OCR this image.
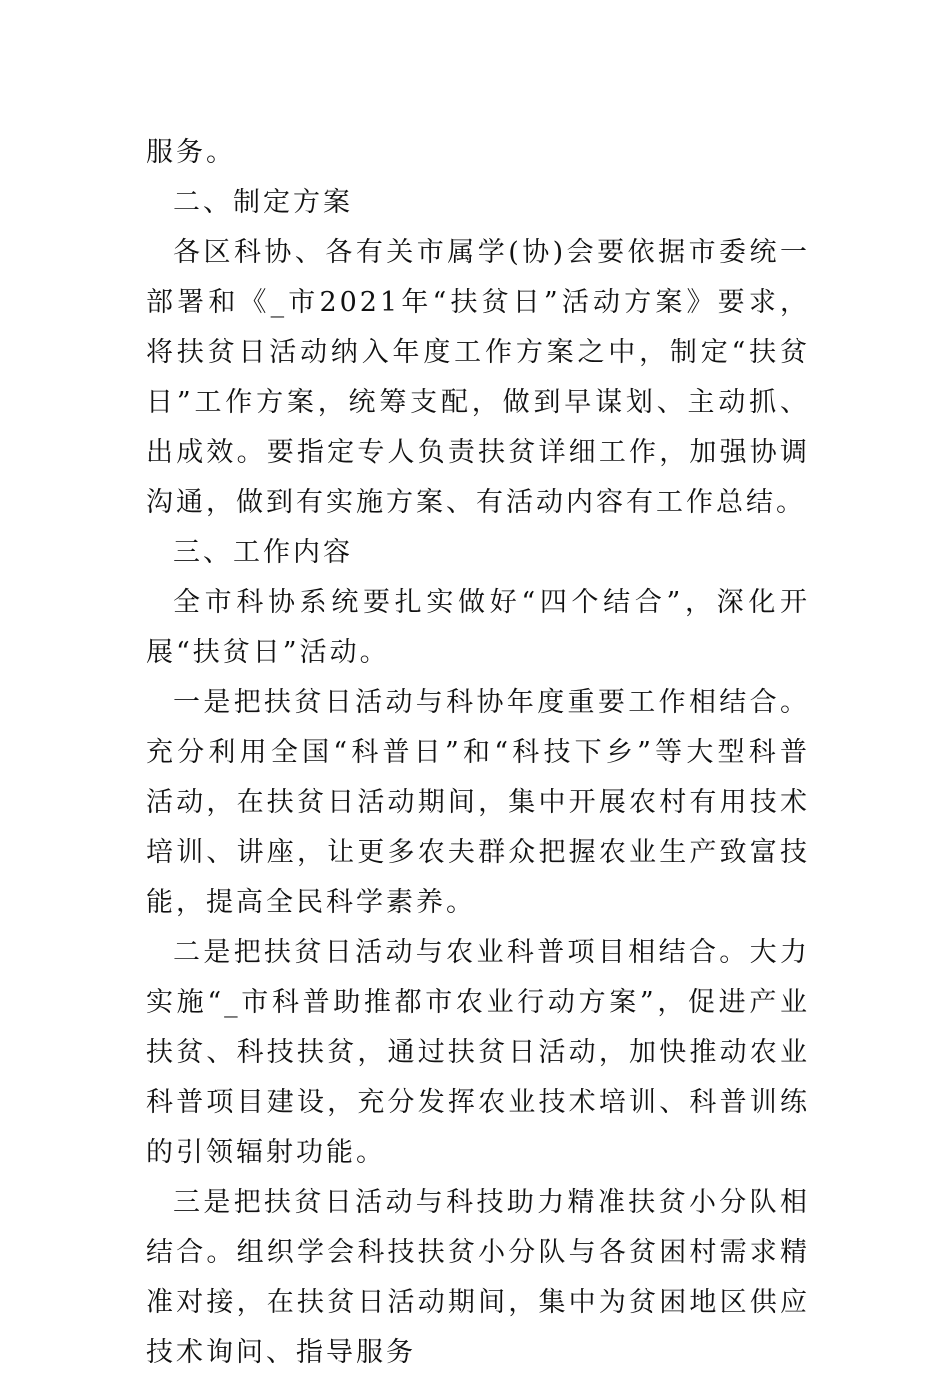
服务。

二、制定方案

各区科协、各有关市属学(协)会要依据市委统一部署和《_市2021年“扶贫日”活动方案》要求，将扶贫日活动纳入年度工作方案之中，制定“扶贫日”工作方案，统筹支配，做到早谋划、主动抓、出成效。要指定专人负责扶贫详细工作，加强协调沟通，做到有实施方案、有活动内容有工作总结。

三、工作内容

全市科协系统要扎实做好“四个结合”，深化开展“扶贫日”活动。

一是把扶贫日活动与科协年度重要工作相结合。充分利用全国“科普日”和“科技下乡”等大型科普活动，在扶贫日活动期间，集中开展农村有用技术培训、讲座，让更多农夫群众把握农业生产致富技能，提高全民科学素养。

二是把扶贫日活动与农业科普项目相结合。大力实施“_市科普助推都市农业行动方案”，促进产业扶贫、科技扶贫，通过扶贫日活动，加快推动农业科普项目建设，充分发挥农业技术培训、科普训练的引领辐射功能。

三是把扶贫日活动与科技助力精准扶贫小分队相结合。组织学会科技扶贫小分队与各贫困村需求精准对接，在扶贫日活动期间，集中为贫困地区供应技术询问、指导服务
